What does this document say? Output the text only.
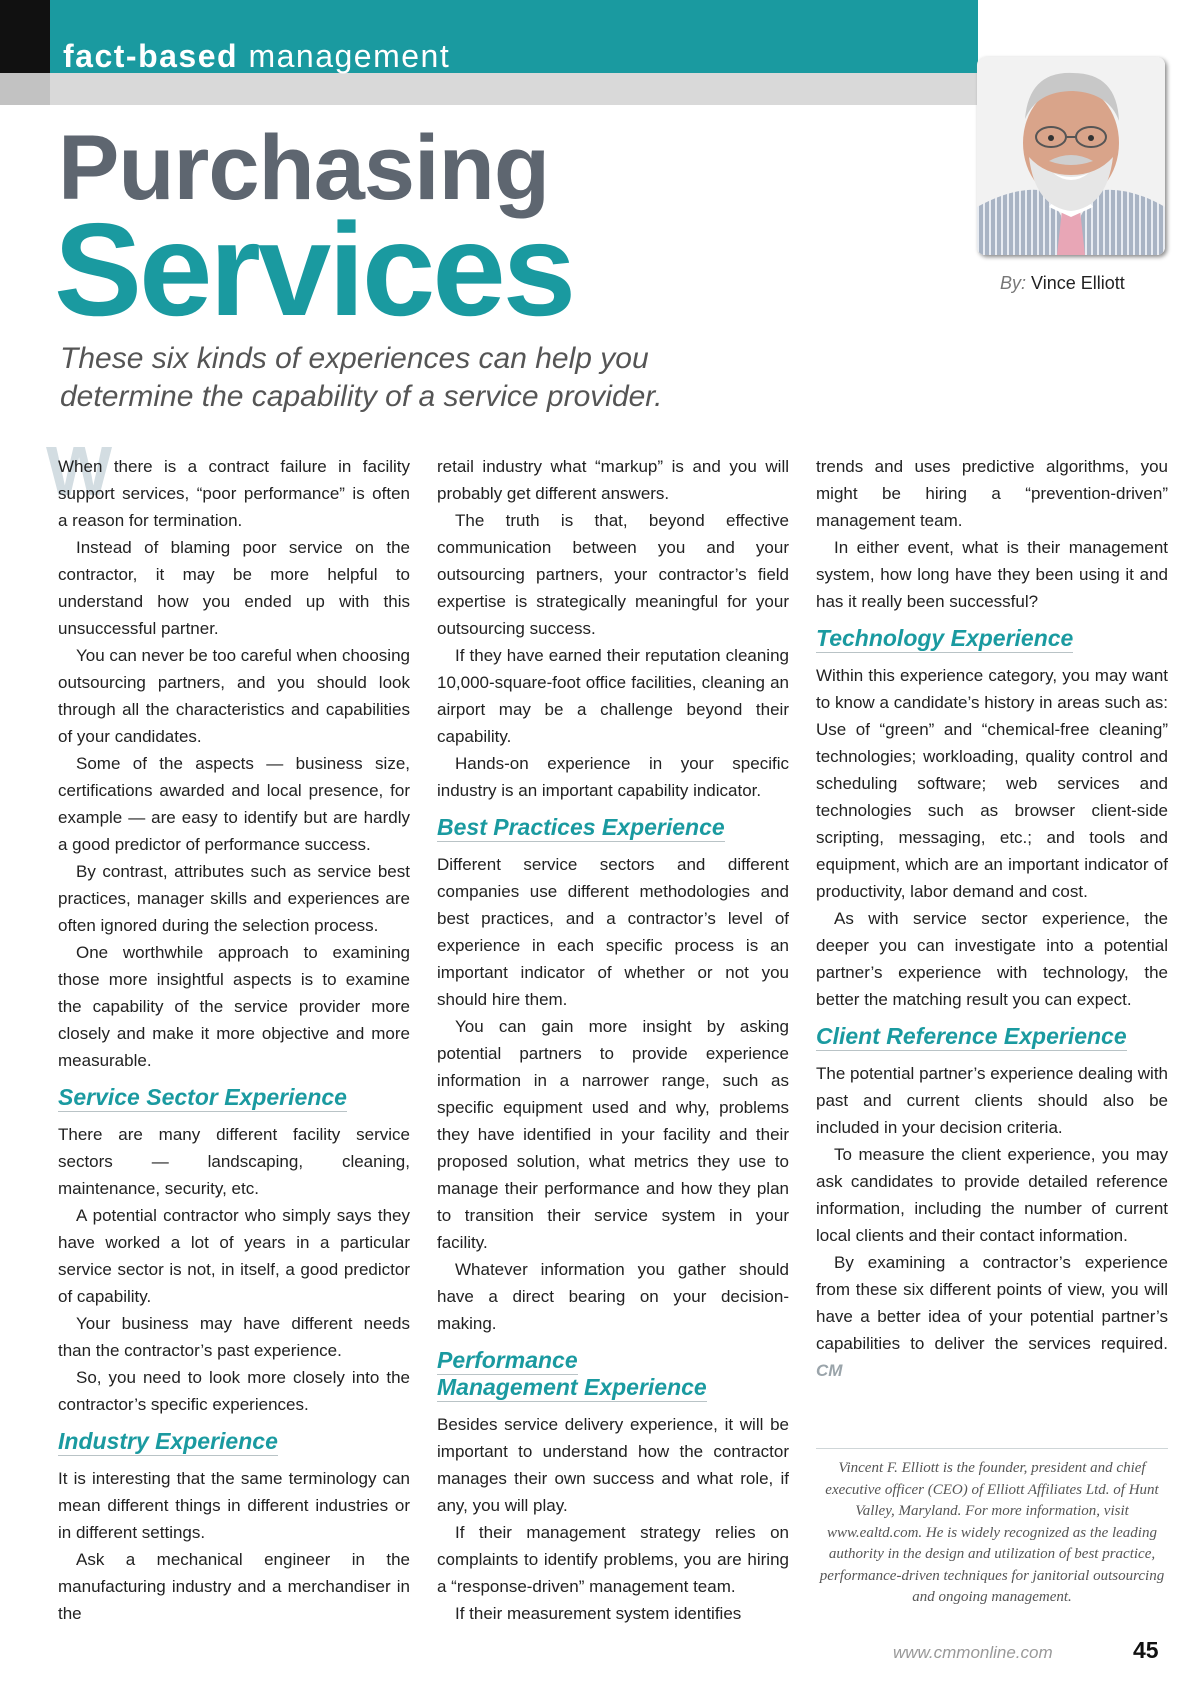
fact-based management
Purchasing
Services
These six kinds of experiences can help you determine the capability of a service provider.
By: Vince Elliott
W

When there is a contract failure in facility support services, “poor performance” is often a reason for termination.

Instead of blaming poor service on the contractor, it may be more helpful to understand how you ended up with this unsuccessful partner.

You can never be too careful when choosing outsourcing partners, and you should look through all the characteristics and capabilities of your candidates.

Some of the aspects — business size, certifications awarded and local presence, for example — are easy to identify but are hardly a good predictor of performance success.

By contrast, attributes such as service best practices, manager skills and experiences are often ignored during the selection process.

One worthwhile approach to examining those more insightful aspects is to examine the capability of the service provider more closely and make it more objective and more measurable.

Service Sector Experience

There are many different facility service sectors — landscaping, cleaning, maintenance, security, etc.

A potential contractor who simply says they have worked a lot of years in a particular service sector is not, in itself, a good predictor of capability.

Your business may have different needs than the contractor’s past experience.

So, you need to look more closely into the contractor’s specific experiences.

Industry Experience

It is interesting that the same terminology can mean different things in different industries or in different settings.

Ask a mechanical engineer in the manufacturing industry and a merchandiser in the

retail industry what “markup” is and you will probably get different answers.

The truth is that, beyond effective communication between you and your outsourcing partners, your contractor’s field expertise is strategically meaningful for your outsourcing success.

If they have earned their reputation cleaning 10,000-square-foot office facilities, cleaning an airport may be a challenge beyond their capability.

Hands-on experience in your specific industry is an important capability indicator.

Best Practices Experience

Different service sectors and different companies use different methodologies and best practices, and a contractor’s level of experience in each specific process is an important indicator of whether or not you should hire them.

You can gain more insight by asking potential partners to provide experience information in a narrower range, such as specific equipment used and why, problems they have identified in your facility and their proposed solution, what metrics they use to manage their performance and how they plan to transition their service system in your facility.

Whatever information you gather should have a direct bearing on your decision-making.

Performance
Management Experience

Besides service delivery experience, it will be important to understand how the contractor manages their own success and what role, if any, you will play.

If their management strategy relies on complaints to identify problems, you are hiring a “response-driven” management team.

If their measurement system identifies

trends and uses predictive algorithms, you might be hiring a “prevention-driven” management team.

In either event, what is their management system, how long have they been using it and has it really been successful?

Technology Experience

Within this experience category, you may want to know a candidate’s history in areas such as: Use of “green” and “chemical-free cleaning” technologies; workloading, quality control and scheduling software; web services and technologies such as browser client-side scripting, messaging, etc.; and tools and equipment, which are an important indicator of productivity, labor demand and cost.

As with service sector experience, the deeper you can investigate into a potential partner’s experience with technology, the better the matching result you can expect.

Client Reference Experience

The potential partner’s experience dealing with past and current clients should also be included in your decision criteria.

To measure the client experience, you may ask candidates to provide detailed reference information, including the number of current local clients and their contact information.

By examining a contractor’s experience from these six different points of view, you will have a better idea of your potential partner’s capabilities to deliver the services required. CM

Vincent F. Elliott is the founder, president and chief executive officer (CEO) of Elliott Affiliates Ltd. of Hunt Valley, Maryland. For more information, visit www.ealtd.com. He is widely recognized as the leading authority in the design and utilization of best practice, performance-driven techniques for janitorial outsourcing and ongoing management.
www.cmmonline.com	45
